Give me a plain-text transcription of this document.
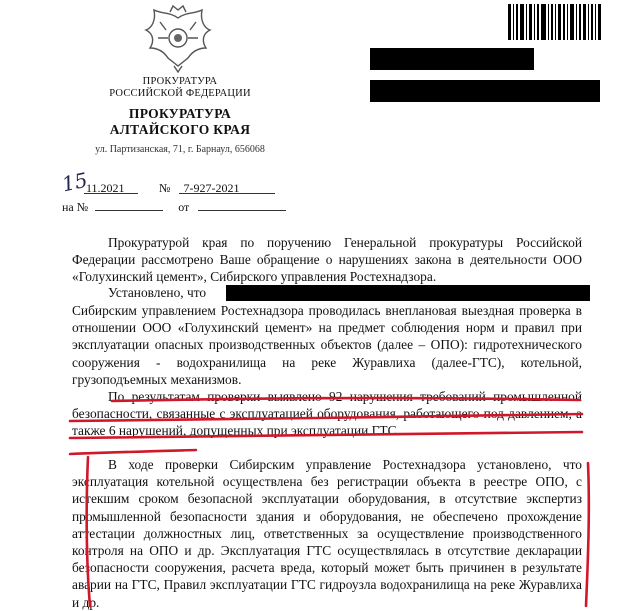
ПРОКУРАТУРА
РОССИЙСКОЙ ФЕДЕРАЦИИ
ПРОКУРАТУРА
АЛТАЙСКОГО КРАЯ
ул. Партизанская, 71, г. Барнаул, 656068
15
11.2021	№ 7-927-2021
на №	от
Прокуратурой края по поручению Генеральной прокуратуры Российской Федерации рассмотрено Ваше обращение о нарушениях закона в деятельности ООО «Голухинский цемент», Сибирского управления Ростехнадзора.
Установлено, что
Сибирским управлением Ростехнадзора проводилась внеплановая выездная проверка в отношении ООО «Голухинский цемент» на предмет соблюдения норм и правил при эксплуатации опасных производственных объектов (далее – ОПО): гидротехнического сооружения - водохранилища на реке Журавлиха (далее-ГТС), котельной, грузоподъемных механизмов.
По результатам проверки выявлено 92 нарушения требований промышленной безопасности, связанные с эксплуатацией оборудования, работающего под давлением, а также 6 нарушений, допущенных при эксплуатации ГТС.
В ходе проверки Сибирским управление Ростехнадзора установлено, что эксплуатация котельной осуществлена без регистрации объекта в реестре ОПО, с истекшим сроком безопасной эксплуатации оборудования, в отсутствие экспертиз промышленной безопасности здания и оборудования, не обеспечено прохождение аттестации должностных лиц, ответственных за осуществление производственного контроля на ОПО и др. Эксплуатация ГТС осуществлялась в отсутствие декларации безопасности сооружения, расчета вреда, который может быть причинен в результате аварии на ГТС, Правил эксплуатации ГТС гидроузла водохранилища на реке Журавлиха и др.
